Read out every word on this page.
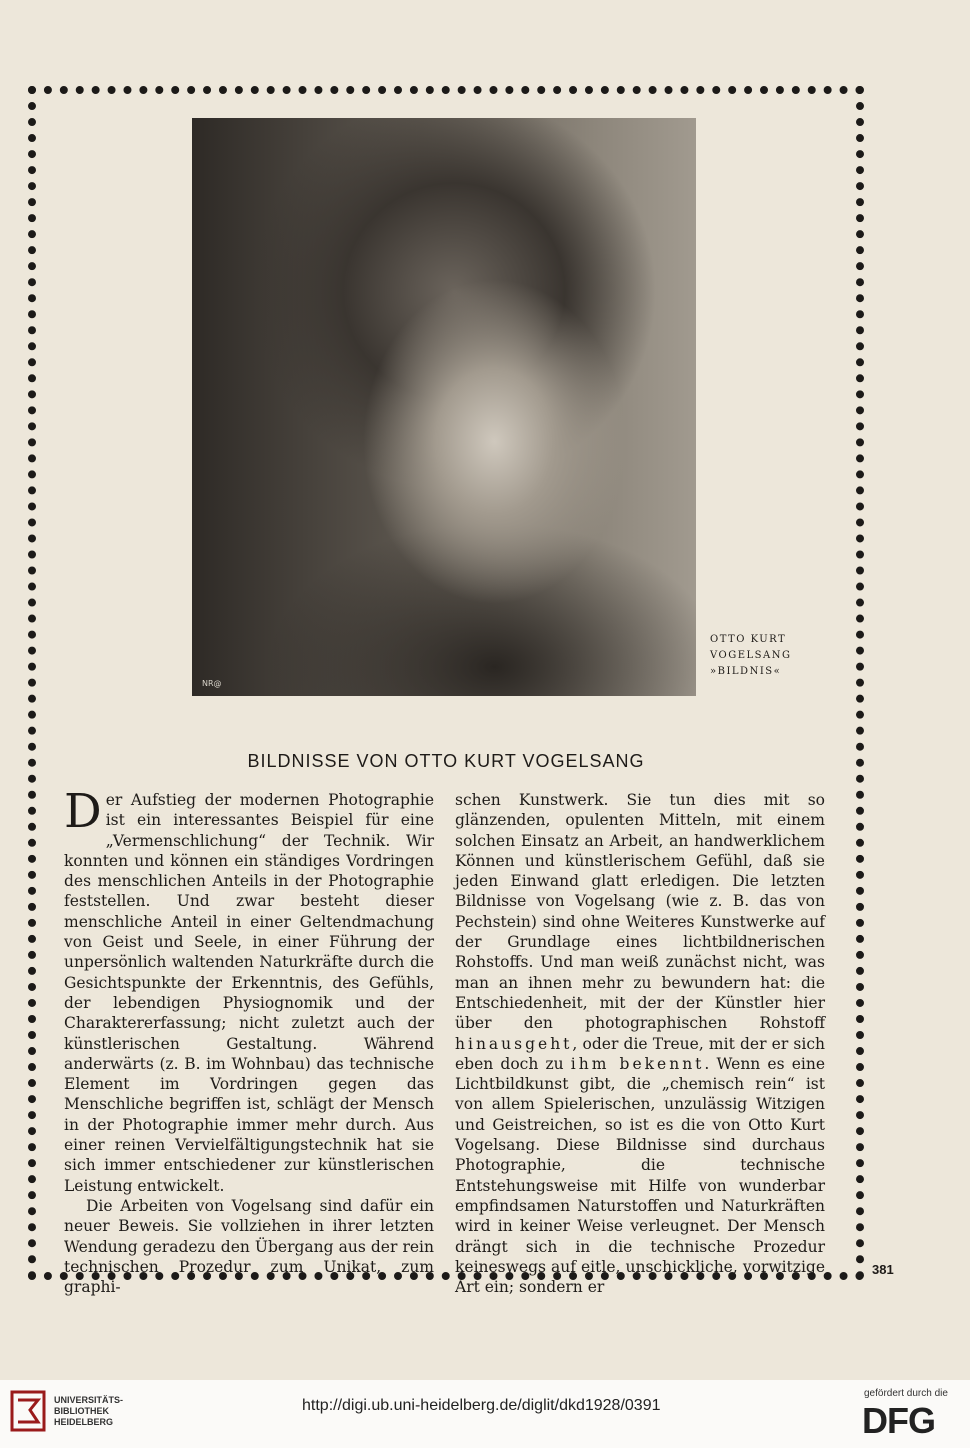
NR@
OTTO KURT
VOGELSANG
»BILDNIS«
BILDNISSE VON OTTO KURT VOGELSANG

Der Aufstieg der modernen Photographie ist ein interessantes Beispiel für eine „Vermenschlichung“ der Technik. Wir konnten und können ein ständiges Vordringen des menschlichen Anteils in der Photographie feststellen. Und zwar besteht dieser menschliche Anteil in einer Geltendmachung von Geist und Seele, in einer Führung der unpersönlich waltenden Naturkräfte durch die Gesichtspunkte der Erkenntnis, des Gefühls, der lebendigen Physiognomik und der Charaktererfassung; nicht zuletzt auch der künstlerischen Gestaltung. Während anderwärts (z. B. im Wohnbau) das technische Element im Vordringen gegen das Menschliche begriffen ist, schlägt der Mensch in der Photographie immer mehr durch. Aus einer reinen Vervielfältigungstechnik hat sie sich immer entschiedener zur künstlerischen Leistung entwickelt.

Die Arbeiten von Vogelsang sind dafür ein neuer Beweis. Sie vollziehen in ihrer letzten Wendung geradezu den Übergang aus der rein technischen Prozedur zum Unikat, zum graphi-

schen Kunstwerk. Sie tun dies mit so glänzenden, opulenten Mitteln, mit einem solchen Einsatz an Arbeit, an handwerklichem Können und künstlerischem Gefühl, daß sie jeden Einwand glatt erledigen. Die letzten Bildnisse von Vogelsang (wie z. B. das von Pechstein) sind ohne Weiteres Kunstwerke auf der Grundlage eines lichtbildnerischen Rohstoffs. Und man weiß zunächst nicht, was man an ihnen mehr zu bewundern hat: die Entschiedenheit, mit der der Künstler hier über den photographischen Rohstoff hinausgeht, oder die Treue, mit der er sich eben doch zu ihm bekennt. Wenn es eine Lichtbildkunst gibt, die „chemisch rein“ ist von allem Spielerischen, unzulässig Witzigen und Geistreichen, so ist es die von Otto Kurt Vogelsang. Diese Bildnisse sind durchaus Photographie, die technische Entstehungsweise mit Hilfe von wunderbar empfindsamen Naturstoffen und Naturkräften wird in keiner Weise verleugnet. Der Mensch drängt sich in die technische Prozedur keineswegs auf eitle, unschickliche, vorwitzige Art ein; sondern er

381
UNIVERSITÄTS-
BIBLIOTHEK
HEIDELBERG
http://digi.ub.uni-heidelberg.de/diglit/dkd1928/0391
gefördert durch die
DFG
